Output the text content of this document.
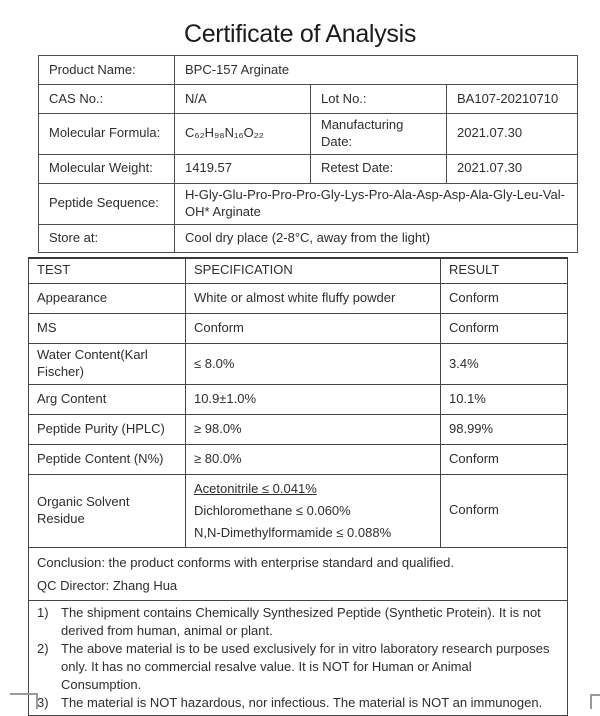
Certificate of Analysis
Product Name:	BPC-157 Arginate		
CAS No.:	N/A	Lot No.:	BA107-20210710
Molecular Formula:	C₆₂H₉₈N₁₆O₂₂	Manufacturing Date:	2021.07.30
Molecular Weight:	1419.57	Retest Date:	2021.07.30
Peptide Sequence:	H-Gly-Glu-Pro-Pro-Pro-Gly-Lys-Pro-Ala-Asp-Asp-Ala-Gly-Leu-Val-OH* Arginate		
Store at:	Cool dry place (2-8°C, away from the light)		
TEST	SPECIFICATION	RESULT
Appearance	White or almost white fluffy powder	Conform
MS	Conform	Conform
Water Content(Karl Fischer)	≤ 8.0%	3.4%
Arg Content	10.9±1.0%	10.1%
Peptide Purity (HPLC)	≥ 98.0%	98.99%
Peptide Content (N%)	≥ 80.0%	Conform
Organic Solvent Residue	Acetonitrile ≤ 0.041%
Dichloromethane ≤ 0.060%
N,N-Dimethylformamide ≤ 0.088%	Conform

Conclusion: the product conforms with enterprise standard and qualified.
QC Director: Zhang Hua		

1) The shipment contains Chemically Synthesized Peptide (Synthetic Protein). It is not derived from human, animal or plant.
2) The above material is to be used exclusively for in vitro laboratory research purposes only. It has no commercial resalve value. It is NOT for Human or Animal Consumption.
3) The material is NOT hazardous, nor infectious. The material is NOT an immunogen.
